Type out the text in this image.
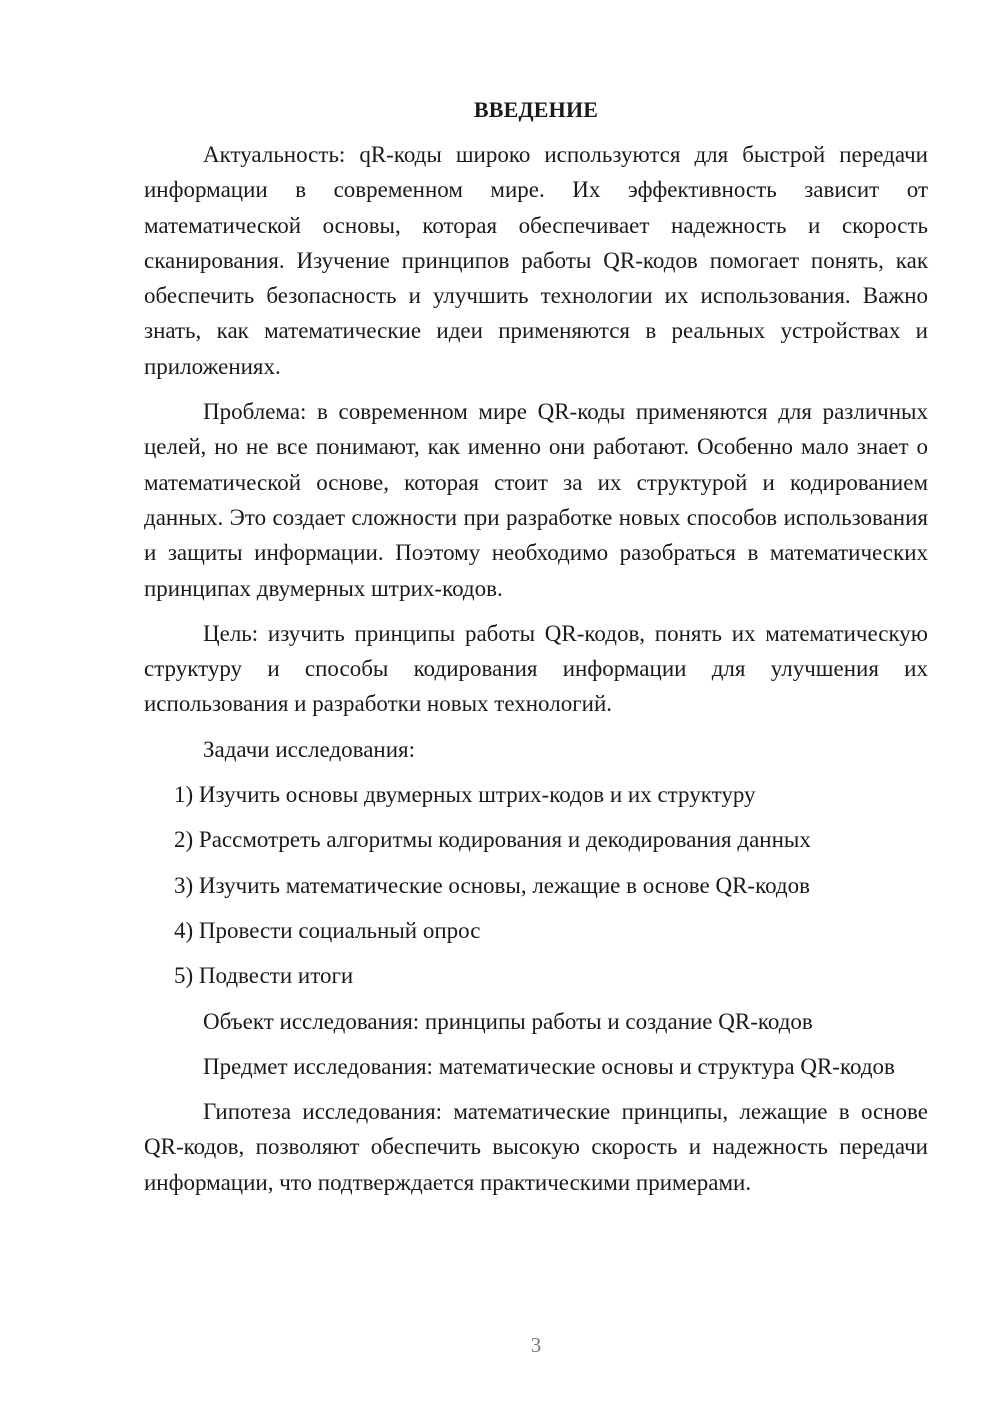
ВВЕДЕНИЕ

Актуальность: qR-коды широко используются для быстрой передачи информации в современном мире. Их эффективность зависит от математической основы, которая обеспечивает надежность и скорость сканирования. Изучение принципов работы QR-кодов помогает понять, как обеспечить безопасность и улучшить технологии их использования. Важно знать, как математические идеи применяются в реальных устройствах и приложениях.

Проблема: в современном мире QR-коды применяются для различных целей, но не все понимают, как именно они работают. Особенно мало знает о математической основе, которая стоит за их структурой и кодированием данных. Это создает сложности при разработке новых способов использования и защиты информации. Поэтому необходимо разобраться в математических принципах двумерных штрих-кодов.

Цель: изучить принципы работы QR-кодов, понять их математическую структуру и способы кодирования информации для улучшения их использования и разработки новых технологий.

Задачи исследования:

1) Изучить основы двумерных штрих-кодов и их структуру
2) Рассмотреть алгоритмы кодирования и декодирования данных
3) Изучить математические основы, лежащие в основе QR-кодов
4) Провести социальный опрос
5) Подвести итоги

Объект исследования: принципы работы и создание QR-кодов

Предмет исследования: математические основы и структура QR-кодов

Гипотеза исследования: математические принципы, лежащие в основе QR-кодов, позволяют обеспечить высокую скорость и надежность передачи информации, что подтверждается практическими примерами.

3
